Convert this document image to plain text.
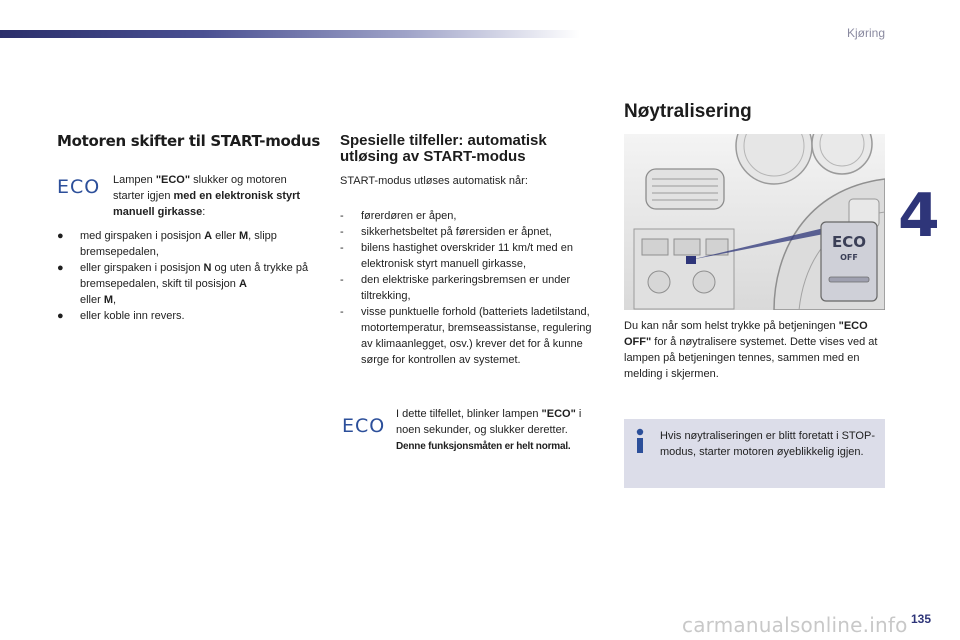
Kjøring
4
135
carmanualsonline.info
Motoren skifter til START-modus
ECO Lampen "ECO" slukker og motoren starter igjen med en elektronisk styrt manuell girkasse:
● med girspaken i posisjon A eller M, slipp bremsepedalen,
● eller girspaken i posisjon N og uten å trykke på bremsepedalen, skift til posisjon A
eller M,
● eller koble inn revers.
Spesielle tilfeller: automatisk utløsing av START-modus
START-modus utløses automatisk når:
- førerdøren er åpen,
- sikkerhetsbeltet på førersiden er åpnet,
- bilens hastighet overskrider 11 km/t med en elektronisk styrt manuell girkasse,
- den elektriske parkeringsbremsen er under tiltrekking,
- visse punktuelle forhold (batteriets ladetilstand, motortemperatur, bremseassistanse, regulering av klimaanlegget, osv.) krever det for å kunne sørge for kontrollen av systemet.
ECO
I dette tilfellet, blinker lampen "ECO" i noen sekunder, og slukker deretter.
Denne funksjonsmåten er helt normal.
Nøytralisering
ECO
OFF
Du kan når som helst trykke på betjeningen "ECO OFF" for å nøytralisere systemet. Dette vises ved at lampen på betjeningen tennes, sammen med en melding i skjermen.
Hvis nøytraliseringen er blitt foretatt i STOP-modus, starter motoren øyeblikkelig igjen.
